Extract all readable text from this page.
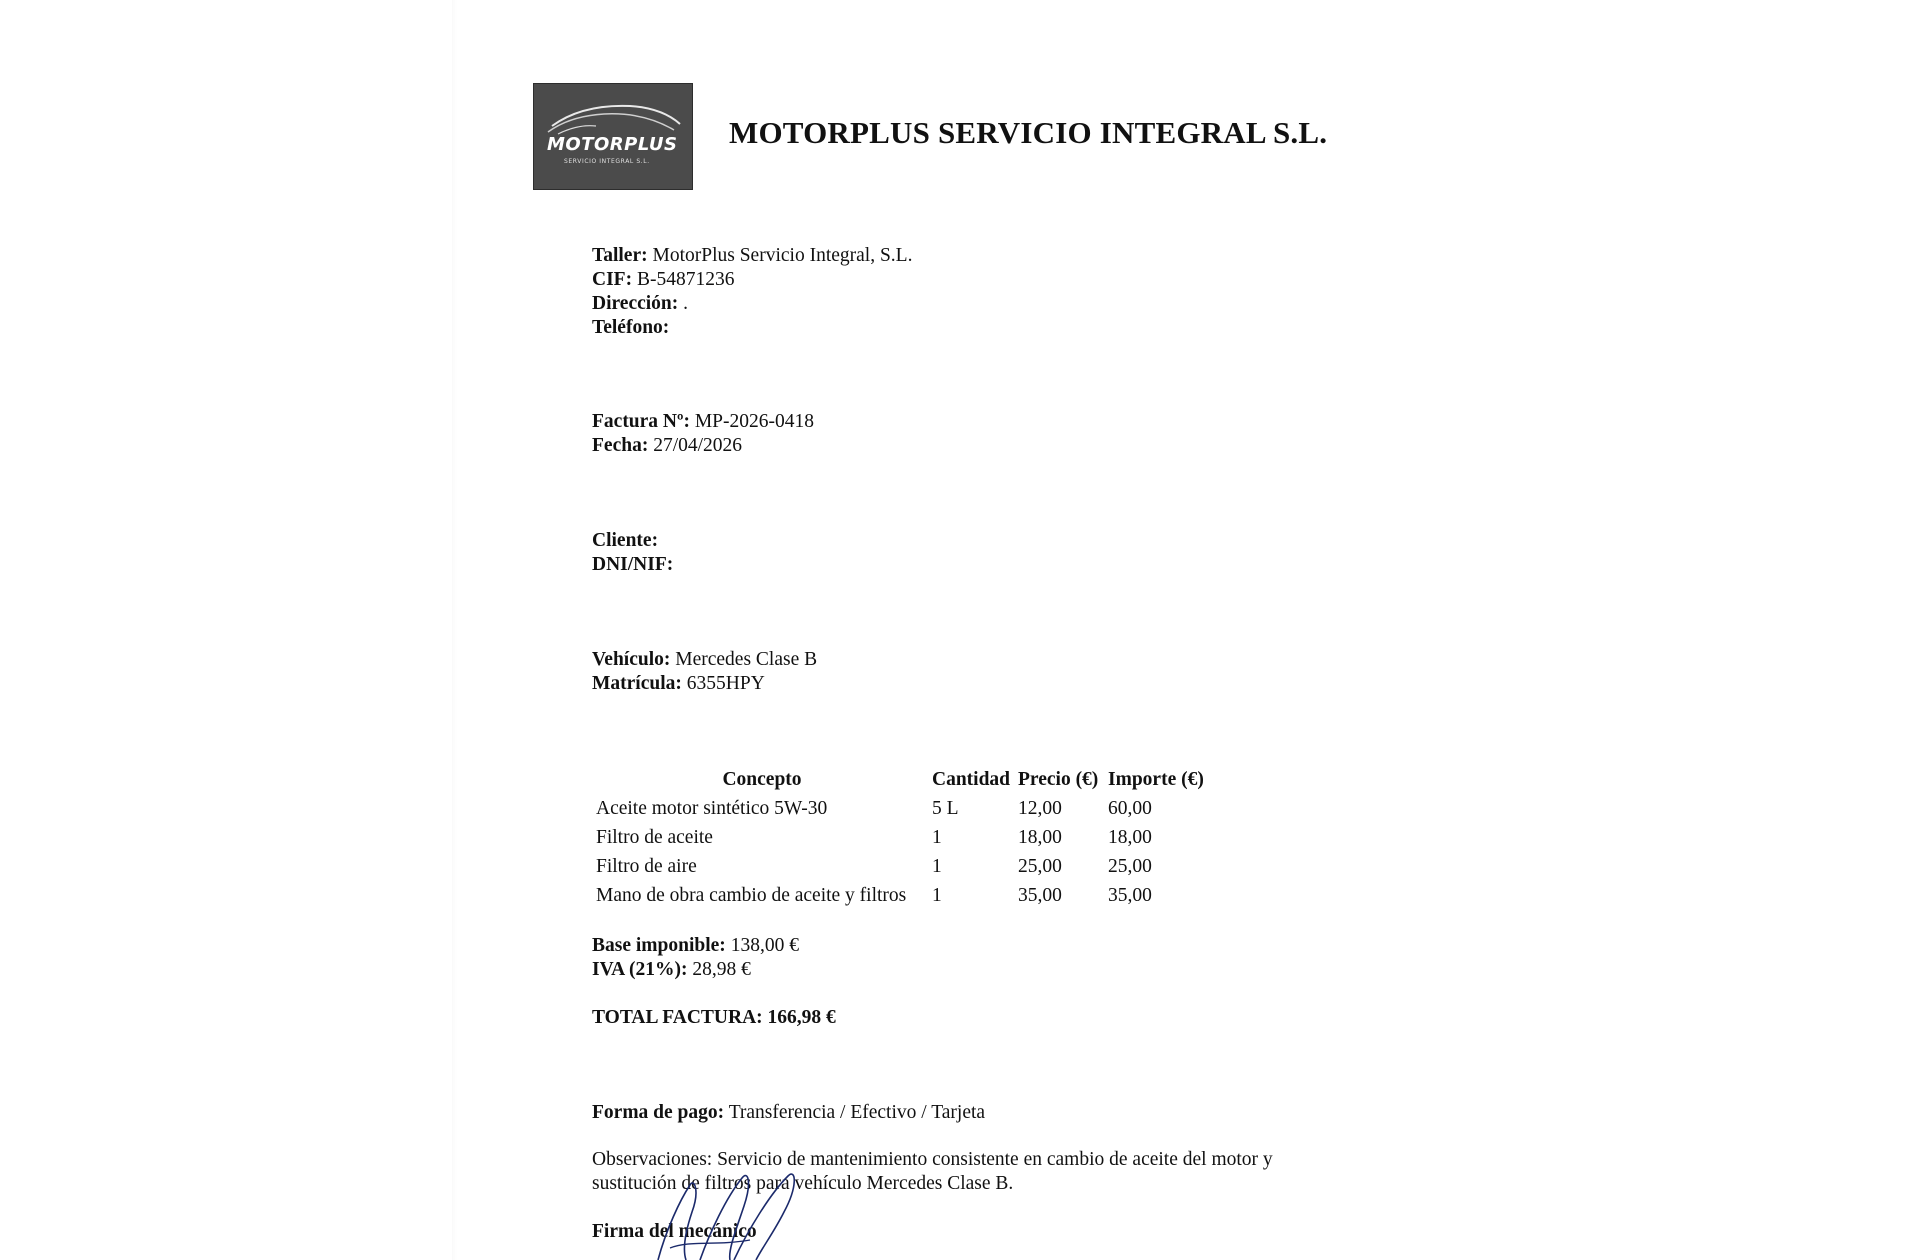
MOTORPLUS
SERVICIO INTEGRAL S.L.
MOTORPLUS SERVICIO INTEGRAL S.L.
Taller: MotorPlus Servicio Integral, S.L.
CIF: B-54871236
Dirección: .
Teléfono:
Factura Nº: MP-2026-0418
Fecha: 27/04/2026
Cliente:
DNI/NIF:
Vehículo: Mercedes Clase B
Matrícula: 6355HPY
Concepto	Cantidad	Precio (€)	Importe (€)
Aceite motor sintético 5W-30	5 L	12,00	60,00
Filtro de aceite	1	18,00	18,00
Filtro de aire	1	25,00	25,00
Mano de obra cambio de aceite y filtros	1	35,00	35,00
Base imponible: 138,00 €
IVA (21%): 28,98 €
TOTAL FACTURA: 166,98 €
Forma de pago: Transferencia / Efectivo / Tarjeta
Observaciones: Servicio de mantenimiento consistente en cambio de aceite del motor y sustitución de filtros para vehículo Mercedes Clase B.
Firma del mecánico
